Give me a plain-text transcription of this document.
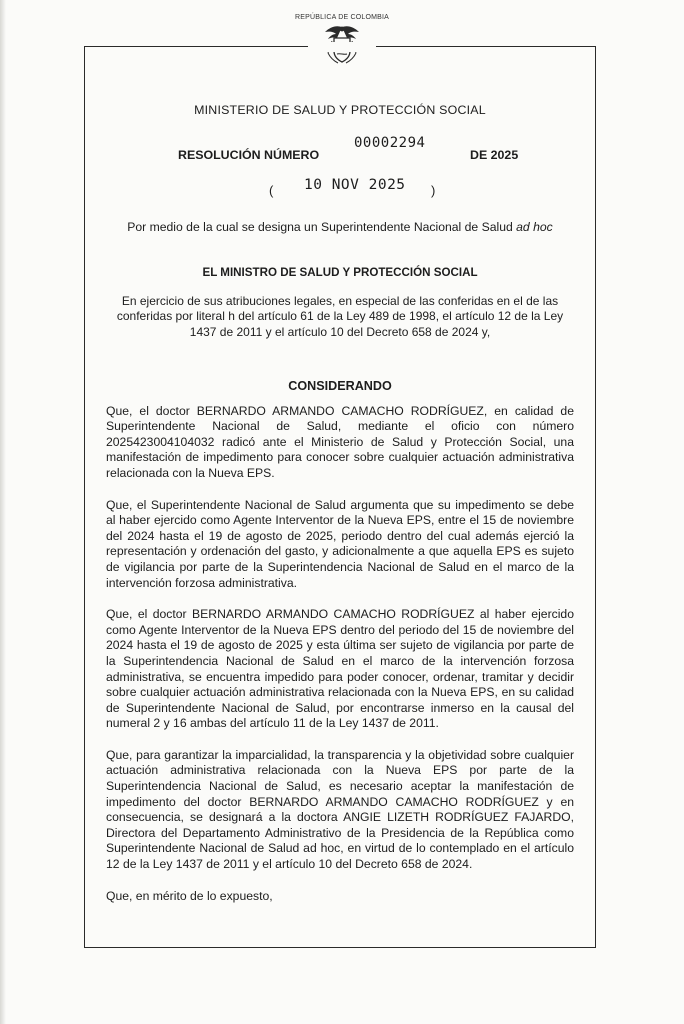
REPÚBLICA DE COLOMBIA
MINISTERIO DE SALUD Y PROTECCIÓN SOCIAL
RESOLUCIÓN NÚMERO
00002294
DE 2025
( 10 NOV 2025 )
Por medio de la cual se designa un Superintendente Nacional de Salud ad hoc
EL MINISTRO DE SALUD Y PROTECCIÓN SOCIAL
En ejercicio de sus atribuciones legales, en especial de las conferidas en el de las conferidas por literal h del artículo 61 de la Ley 489 de 1998, el artículo 12 de la Ley 1437 de 2011 y el artículo 10 del Decreto 658 de 2024 y,
CONSIDERANDO
Que, el doctor BERNARDO ARMANDO CAMACHO RODRÍGUEZ, en calidad de Superintendente Nacional de Salud, mediante el oficio con número 2025423004104032 radicó ante el Ministerio de Salud y Protección Social, una manifestación de impedimento para conocer sobre cualquier actuación administrativa relacionada con la Nueva EPS.
Que, el Superintendente Nacional de Salud argumenta que su impedimento se debe al haber ejercido como Agente Interventor de la Nueva EPS, entre el 15 de noviembre del 2024 hasta el 19 de agosto de 2025, periodo dentro del cual además ejerció la representación y ordenación del gasto, y adicionalmente a que aquella EPS es sujeto de vigilancia por parte de la Superintendencia Nacional de Salud en el marco de la intervención forzosa administrativa.
Que, el doctor BERNARDO ARMANDO CAMACHO RODRÍGUEZ al haber ejercido como Agente Interventor de la Nueva EPS dentro del periodo del 15 de noviembre del 2024 hasta el 19 de agosto de 2025 y esta última ser sujeto de vigilancia por parte de la Superintendencia Nacional de Salud en el marco de la intervención forzosa administrativa, se encuentra impedido para poder conocer, ordenar, tramitar y decidir sobre cualquier actuación administrativa relacionada con la Nueva EPS, en su calidad de Superintendente Nacional de Salud, por encontrarse inmerso en la causal del numeral 2 y 16 ambas del artículo 11 de la Ley 1437 de 2011.
Que, para garantizar la imparcialidad, la transparencia y la objetividad sobre cualquier actuación administrativa relacionada con la Nueva EPS por parte de la Superintendencia Nacional de Salud, es necesario aceptar la manifestación de impedimento del doctor BERNARDO ARMANDO CAMACHO RODRÍGUEZ y en consecuencia, se designará a la doctora ANGIE LIZETH RODRÍGUEZ FAJARDO, Directora del Departamento Administrativo de la Presidencia de la República como Superintendente Nacional de Salud ad hoc, en virtud de lo contemplado en el artículo 12 de la Ley 1437 de 2011 y el artículo 10 del Decreto 658 de 2024.
Que, en mérito de lo expuesto,
